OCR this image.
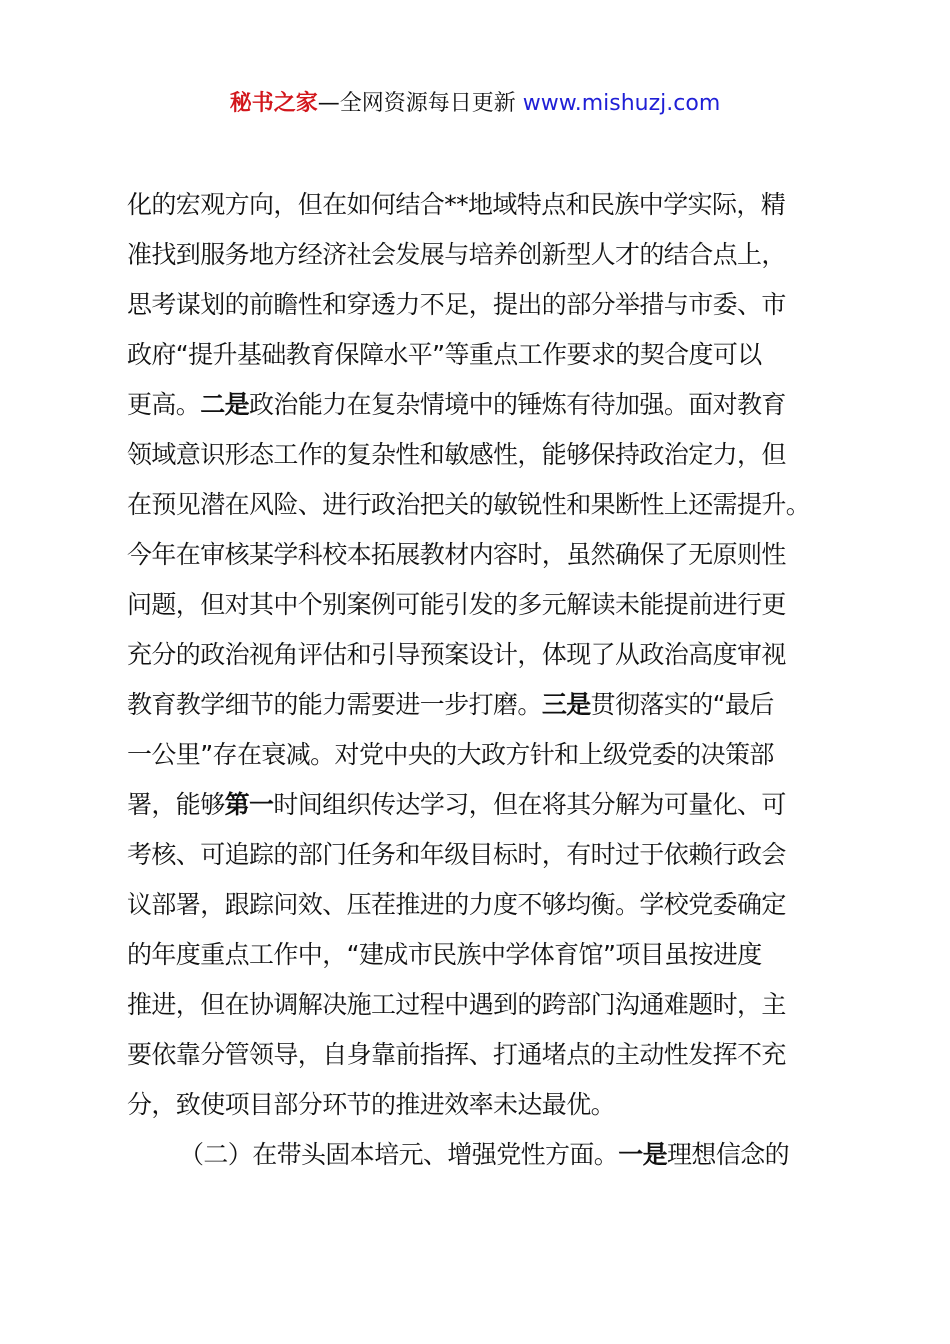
秘书之家—全网资源每日更新 www.mishuzj.com
化的宏观方向，但在如何结合**地域特点和民族中学实际，精
准找到服务地方经济社会发展与培养创新型人才的结合点上，
思考谋划的前瞻性和穿透力不足，提出的部分举措与市委、市
政府“提升基础教育保障水平”等重点工作要求的契合度可以
更高。二是政治能力在复杂情境中的锤炼有待加强。面对教育
领域意识形态工作的复杂性和敏感性，能够保持政治定力，但
在预见潜在风险、进行政治把关的敏锐性和果断性上还需提升。
今年在审核某学科校本拓展教材内容时，虽然确保了无原则性
问题，但对其中个别案例可能引发的多元解读未能提前进行更
充分的政治视角评估和引导预案设计，体现了从政治高度审视
教育教学细节的能力需要进一步打磨。三是贯彻落实的“最后
一公里”存在衰减。对党中央的大政方针和上级党委的决策部
署，能够第一时间组织传达学习，但在将其分解为可量化、可
考核、可追踪的部门任务和年级目标时，有时过于依赖行政会
议部署，跟踪问效、压茬推进的力度不够均衡。学校党委确定
的年度重点工作中，“建成市民族中学体育馆”项目虽按进度
推进，但在协调解决施工过程中遇到的跨部门沟通难题时，主
要依靠分管领导，自身靠前指挥、打通堵点的主动性发挥不充
分，致使项目部分环节的推进效率未达最优。
（二）在带头固本培元、增强党性方面。一是理想信念的
